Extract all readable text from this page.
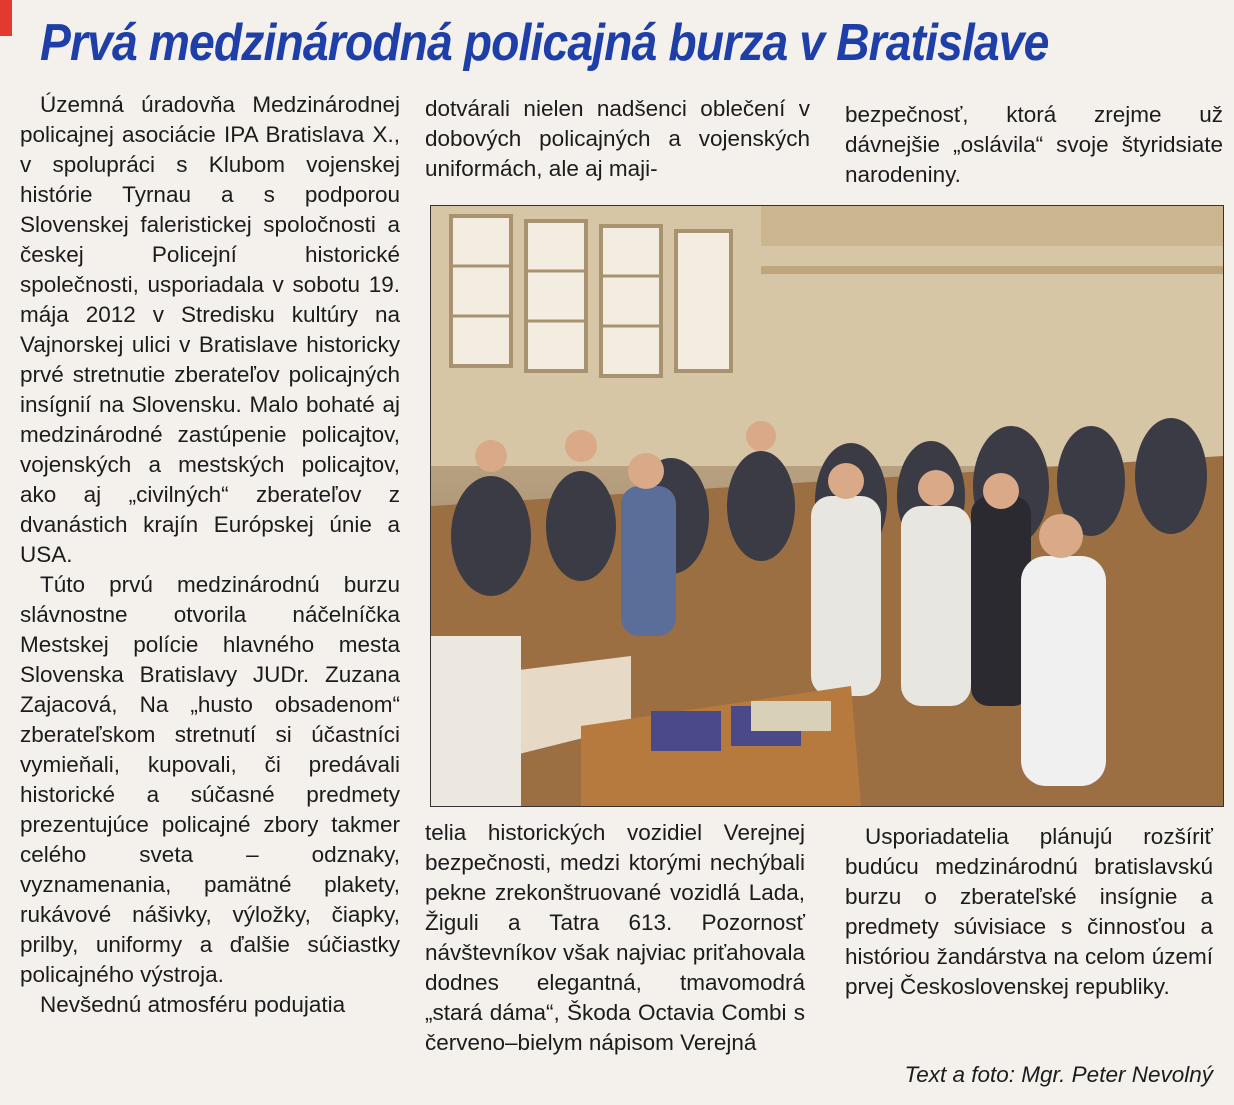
Prvá medzinárodná policajná burza v Bratislave

Územná úradovňa Medzinárodnej policajnej asociácie IPA Bratislava X., v spolupráci s Klubom vojenskej histórie Tyrnau a s podporou Slovenskej faleristickej spoločnosti a českej Policejní historické společnosti, usporiadala v sobotu 19. mája 2012 v Stredisku kultúry na Vajnorskej ulici v Bratislave historicky prvé stretnutie zberateľov policajných insígnií na Slovensku. Malo bohaté aj medzinárodné zastúpenie policajtov, vojenských a mestských policajtov, ako aj „civilných“ zberateľov z dvanástich krajín Európskej únie a USA.

Túto prvú medzinárodnú burzu slávnostne otvorila náčelníčka Mestskej polície hlavného mesta Slovenska Bratislavy JUDr. Zuzana Zajacová, Na „husto obsadenom“ zberateľskom stretnutí si účastníci vymieňali, kupovali, či predávali historické a súčasné predmety prezentujúce policajné zbory takmer celého sveta – odznaky, vyznamenania, pamätné plakety, rukávové nášivky, výložky, čiapky, prilby, uniformy a ďalšie súčiastky policajného výstroja.

Nevšednú atmosféru podujatia

dotvárali nielen nadšenci oblečení v dobových policajných a vojenských uniformách, ale aj maji-

bezpečnosť, ktorá zrejme už dávnejšie „oslávila“ svoje štyridsiate narodeniny.

telia historických vozidiel Verejnej bezpečnosti, medzi ktorými nechýbali pekne zrekonštruované vozidlá Lada, Žiguli a Tatra 613. Pozornosť návštevníkov však najviac priťahovala dodnes elegantná, tmavomodrá „stará dáma“, Škoda Octavia Combi s červeno–bielym nápisom Verejná

Usporiadatelia plánujú rozšíriť budúcu medzinárodnú bratislavskú burzu o zberateľské insígnie a predmety súvisiace s činnosťou a históriou žandárstva na celom území prvej Československej republiky.

Text a foto: Mgr. Peter Nevolný
